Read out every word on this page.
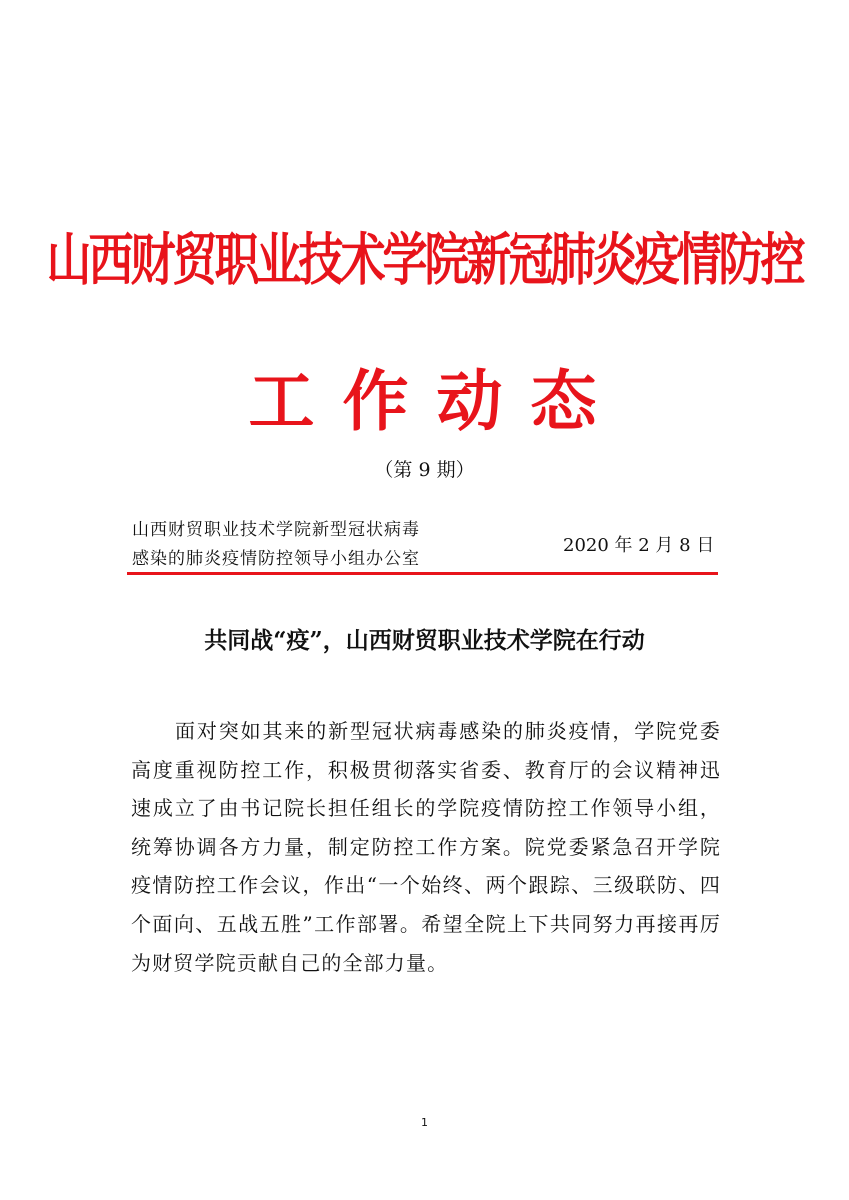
山西财贸职业技术学院新冠肺炎疫情防控
工作动态
（第 9 期）
山西财贸职业技术学院新型冠状病毒
感染的肺炎疫情防控领导小组办公室
2020 年 2 月 8 日
共同战“疫”，山西财贸职业技术学院在行动

面对突如其来的新型冠状病毒感染的肺炎疫情，学院党委高度重视防控工作，积极贯彻落实省委、教育厅的会议精神迅速成立了由书记院长担任组长的学院疫情防控工作领导小组，统筹协调各方力量，制定防控工作方案。院党委紧急召开学院疫情防控工作会议，作出“一个始终、两个跟踪、三级联防、四个面向、五战五胜”工作部署。希望全院上下共同努力再接再厉为财贸学院贡献自己的全部力量。

1
